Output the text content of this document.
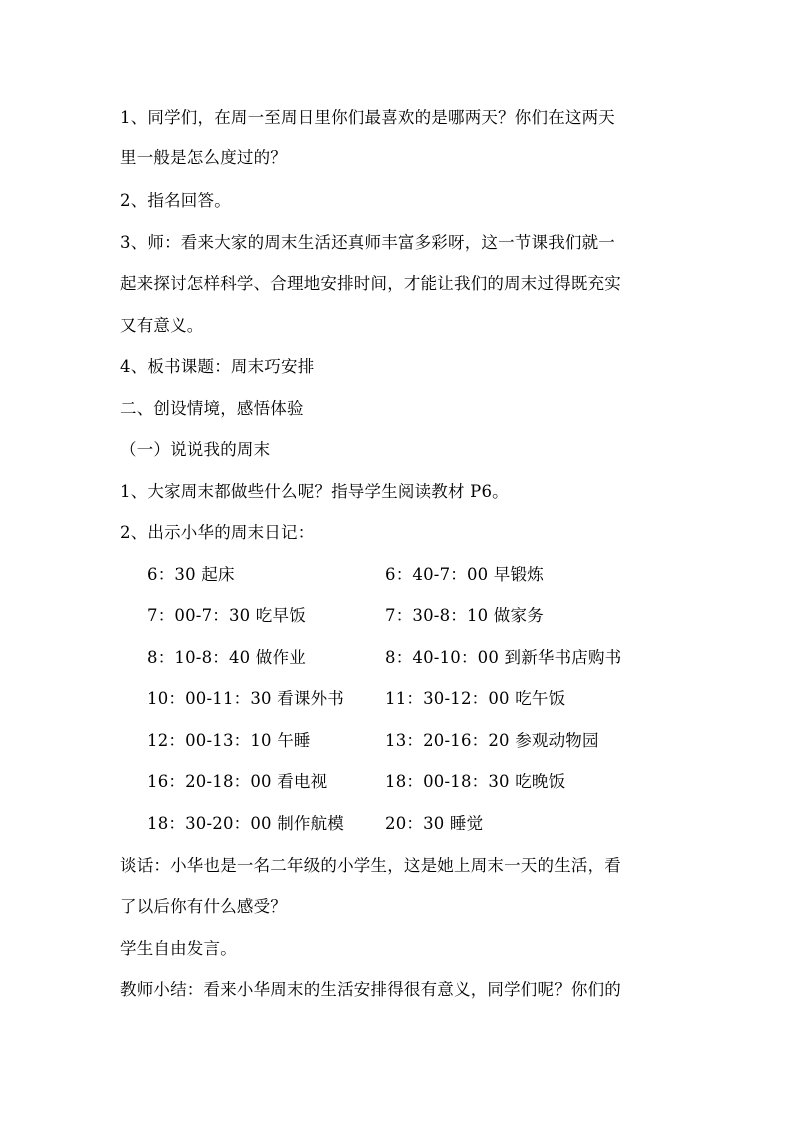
1、同学们，在周一至周日里你们最喜欢的是哪两天？你们在这两天
里一般是怎么度过的？
2、指名回答。
3、师：看来大家的周末生活还真师丰富多彩呀，这一节课我们就一
起来探讨怎样科学、合理地安排时间，才能让我们的周末过得既充实
又有意义。
4、板书课题：周末巧安排
二、创设情境，感悟体验
（一）说说我的周末
1、大家周末都做些什么呢？指导学生阅读教材 P6。
2、出示小华的周末日记：
6：30 起床	6：40-7：00 早锻炼
7：00-7：30 吃早饭	7：30-8：10 做家务
8：10-8：40 做作业	8：40-10：00 到新华书店购书
10：00-11：30 看课外书 11：30-12：00 吃午饭
12：00-13：10 午睡	13：20-16：20 参观动物园
16：20-18：00 看电视	18：00-18：30 吃晚饭
18：30-20：00 制作航模 20：30 睡觉
谈话：小华也是一名二年级的小学生，这是她上周末一天的生活，看
了以后你有什么感受？
学生自由发言。
教师小结：看来小华周末的生活安排得很有意义，同学们呢？你们的
